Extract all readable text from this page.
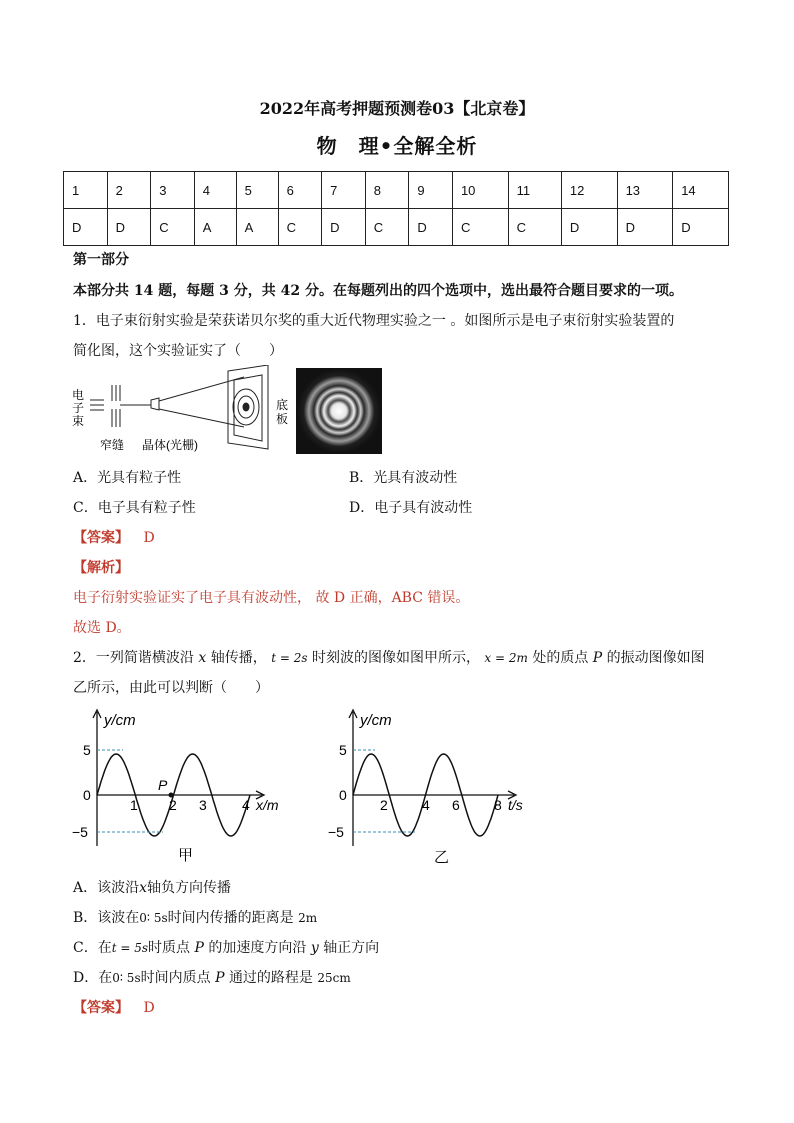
2022年高考押题预测卷03【北京卷】
物　理•全解全析
1	2	3	4	5	6	7	8	9	10	11	12	13	14
D	D	C	A	A	C	D	C	D	C	C	D	D	D
第一部分
本部分共 14 题，每题 3 分，共 42 分。在每题列出的四个选项中，选出最符合题目要求的一项。
1．电子束衍射实验是荣获诺贝尔奖的重大近代物理实验之一 。如图所示是电子束衍射实验装置的
简化图，这个实验证实了（　　）
电
子
束
窄缝 晶体(光栅)
底
板
A．光具有粒子性	B．光具有波动性
C．电子具有粒子性	D．电子具有波动性
【答案】 D
【解析】
电子衍射实验证实了电子具有波动性， 故 D 正确，ABC 错误。
故选 D。
2．一列简谐横波沿 x 轴传播， t = 2s 时刻波的图像如图甲所示， x = 2m 处的质点 P 的振动图像如图
乙所示，由此可以判断（　　）
y/cm
5
0
−5
1 2 3	4 x/m
P
甲
y/cm
5
0
−5
2 4 6 8 t/s
乙
A．该波沿x轴负方向传播
B．该波在0∶ 5s时间内传播的距离是 2m
C．在t = 5s时质点 P 的加速度方向沿 y 轴正方向
D．在0∶ 5s时间内质点 P 通过的路程是 25cm
【答案】 D
